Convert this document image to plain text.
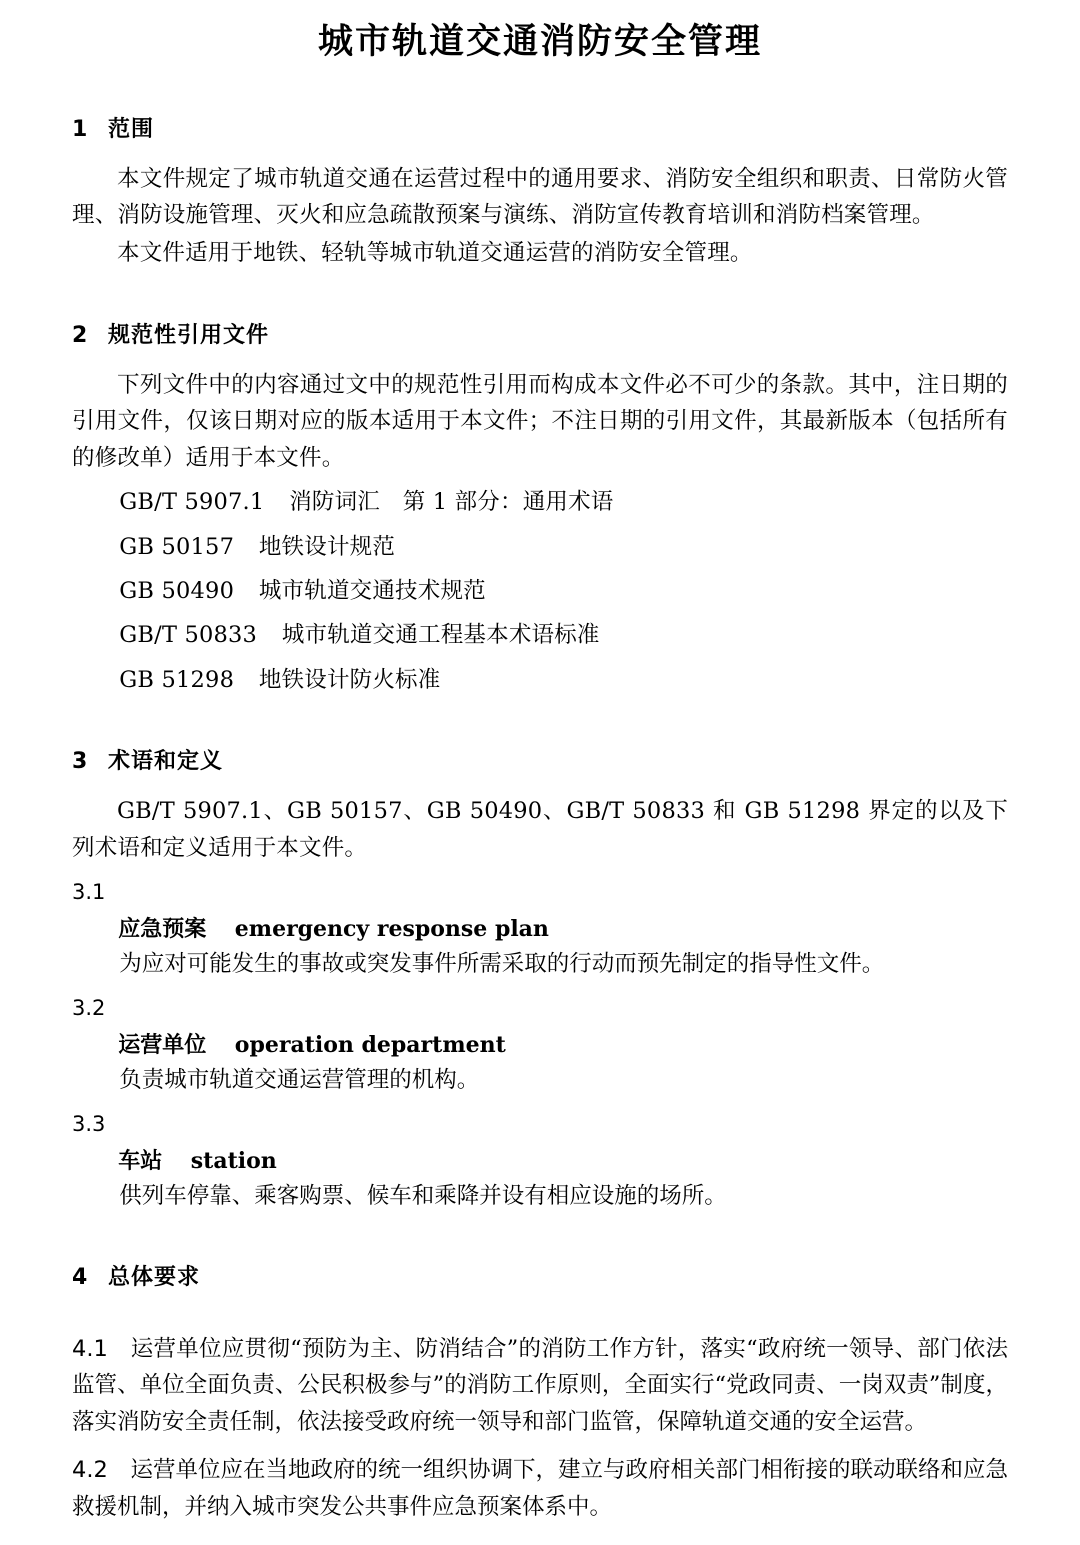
城市轨道交通消防安全管理
1 范围

本文件规定了城市轨道交通在运营过程中的通用要求、消防安全组织和职责、日常防火管理、消防设施管理、灭火和应急疏散预案与演练、消防宣传教育培训和消防档案管理。

本文件适用于地铁、轻轨等城市轨道交通运营的消防安全管理。

2 规范性引用文件

下列文件中的内容通过文中的规范性引用而构成本文件必不可少的条款。其中，注日期的引用文件，仅该日期对应的版本适用于本文件；不注日期的引用文件，其最新版本（包括所有的修改单）适用于本文件。

GB/T 5907.1 消防词汇　第 1 部分：通用术语
GB 50157 地铁设计规范
GB 50490 城市轨道交通技术规范
GB/T 50833 城市轨道交通工程基本术语标准
GB 51298 地铁设计防火标准
3 术语和定义

GB/T 5907.1、GB 50157、GB 50490、GB/T 50833 和 GB 51298 界定的以及下列术语和定义适用于本文件。

3.1
应急预案 emergency response plan
为应对可能发生的事故或突发事件所需采取的行动而预先制定的指导性文件。
3.2
运营单位 operation department
负责城市轨道交通运营管理的机构。
3.3
车站 station
供列车停靠、乘客购票、候车和乘降并设有相应设施的场所。
4 总体要求

4.1 运营单位应贯彻“预防为主、防消结合”的消防工作方针，落实“政府统一领导、部门依法监管、单位全面负责、公民积极参与”的消防工作原则，全面实行“党政同责、一岗双责”制度，落实消防安全责任制，依法接受政府统一领导和部门监管，保障轨道交通的安全运营。

4.2 运营单位应在当地政府的统一组织协调下，建立与政府相关部门相衔接的联动联络和应急救援机制，并纳入城市突发公共事件应急预案体系中。
